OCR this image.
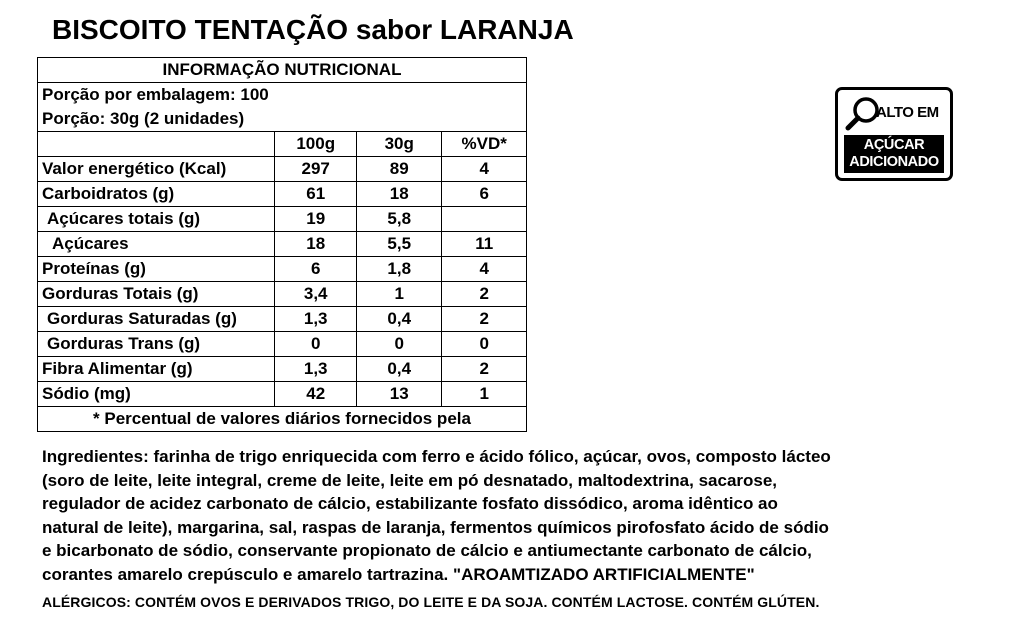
BISCOITO TENTAÇÃO sabor LARANJA
INFORMAÇÃO NUTRICIONAL			
Porção por embalagem: 100			
Porção: 30g (2 unidades)			
	100g	30g	%VD*
Valor energético (Kcal)	297	89	4
Carboidratos (g)	61	18	6
Açúcares totais (g)	19	5,8	
Açúcares	18	5,5	11
Proteínas (g)	6	1,8	4
Gorduras Totais (g)	3,4	1	2
Gorduras Saturadas (g)	1,3	0,4	2
Gorduras Trans (g)	0	0	0
Fibra Alimentar (g)	1,3	0,4	2
Sódio (mg)	42	13	1
* Percentual de valores diários fornecidos pela			
Ingredientes: farinha de trigo enriquecida com ferro e ácido fólico, açúcar, ovos, composto lácteo
(soro de leite, leite integral, creme de leite, leite em pó desnatado, maltodextrina, sacarose,
regulador de acidez carbonato de cálcio, estabilizante fosfato dissódico, aroma idêntico ao
natural de leite), margarina, sal, raspas de laranja, fermentos químicos pirofosfato ácido de sódio
e bicarbonato de sódio, conservante propionato de cálcio e antiumectante carbonato de cálcio,
corantes amarelo crepúsculo e amarelo tartrazina. "AROAMTIZADO ARTIFICIALMENTE"
ALÉRGICOS: CONTÉM OVOS E DERIVADOS TRIGO, DO LEITE E DA SOJA. CONTÉM LACTOSE. CONTÉM GLÚTEN.
ALTO EM
AÇÚCAR
ADICIONADO
